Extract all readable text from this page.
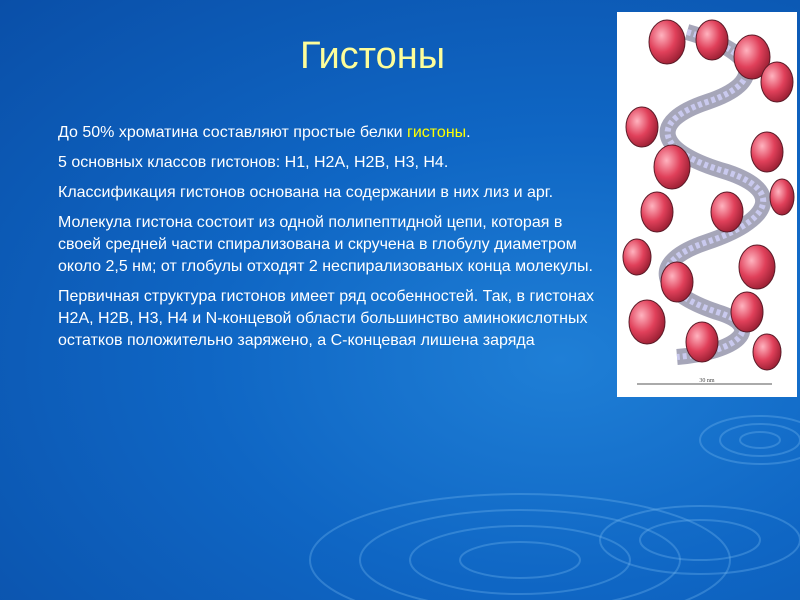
Гистоны
До 50% хроматина составляют простые белки гистоны.
5 основных классов гистонов: H1, H2A, H2B, H3, H4.
Классификация гистонов основана на содержании в них лиз и арг.
Молекула гистона состоит из одной полипептидной цепи, которая в своей средней части спирализована и скручена в глобулу диаметром около 2,5 нм; от глобулы отходят 2 неспирализованых конца молекулы.
Первичная структура гистонов имеет ряд особенностей. Так, в гистонах H2A, H2B, H3, H4 и N-концевой области большинство аминокислотных остатков положительно заряжено, а С-концевая лишена заряда
30 nm
